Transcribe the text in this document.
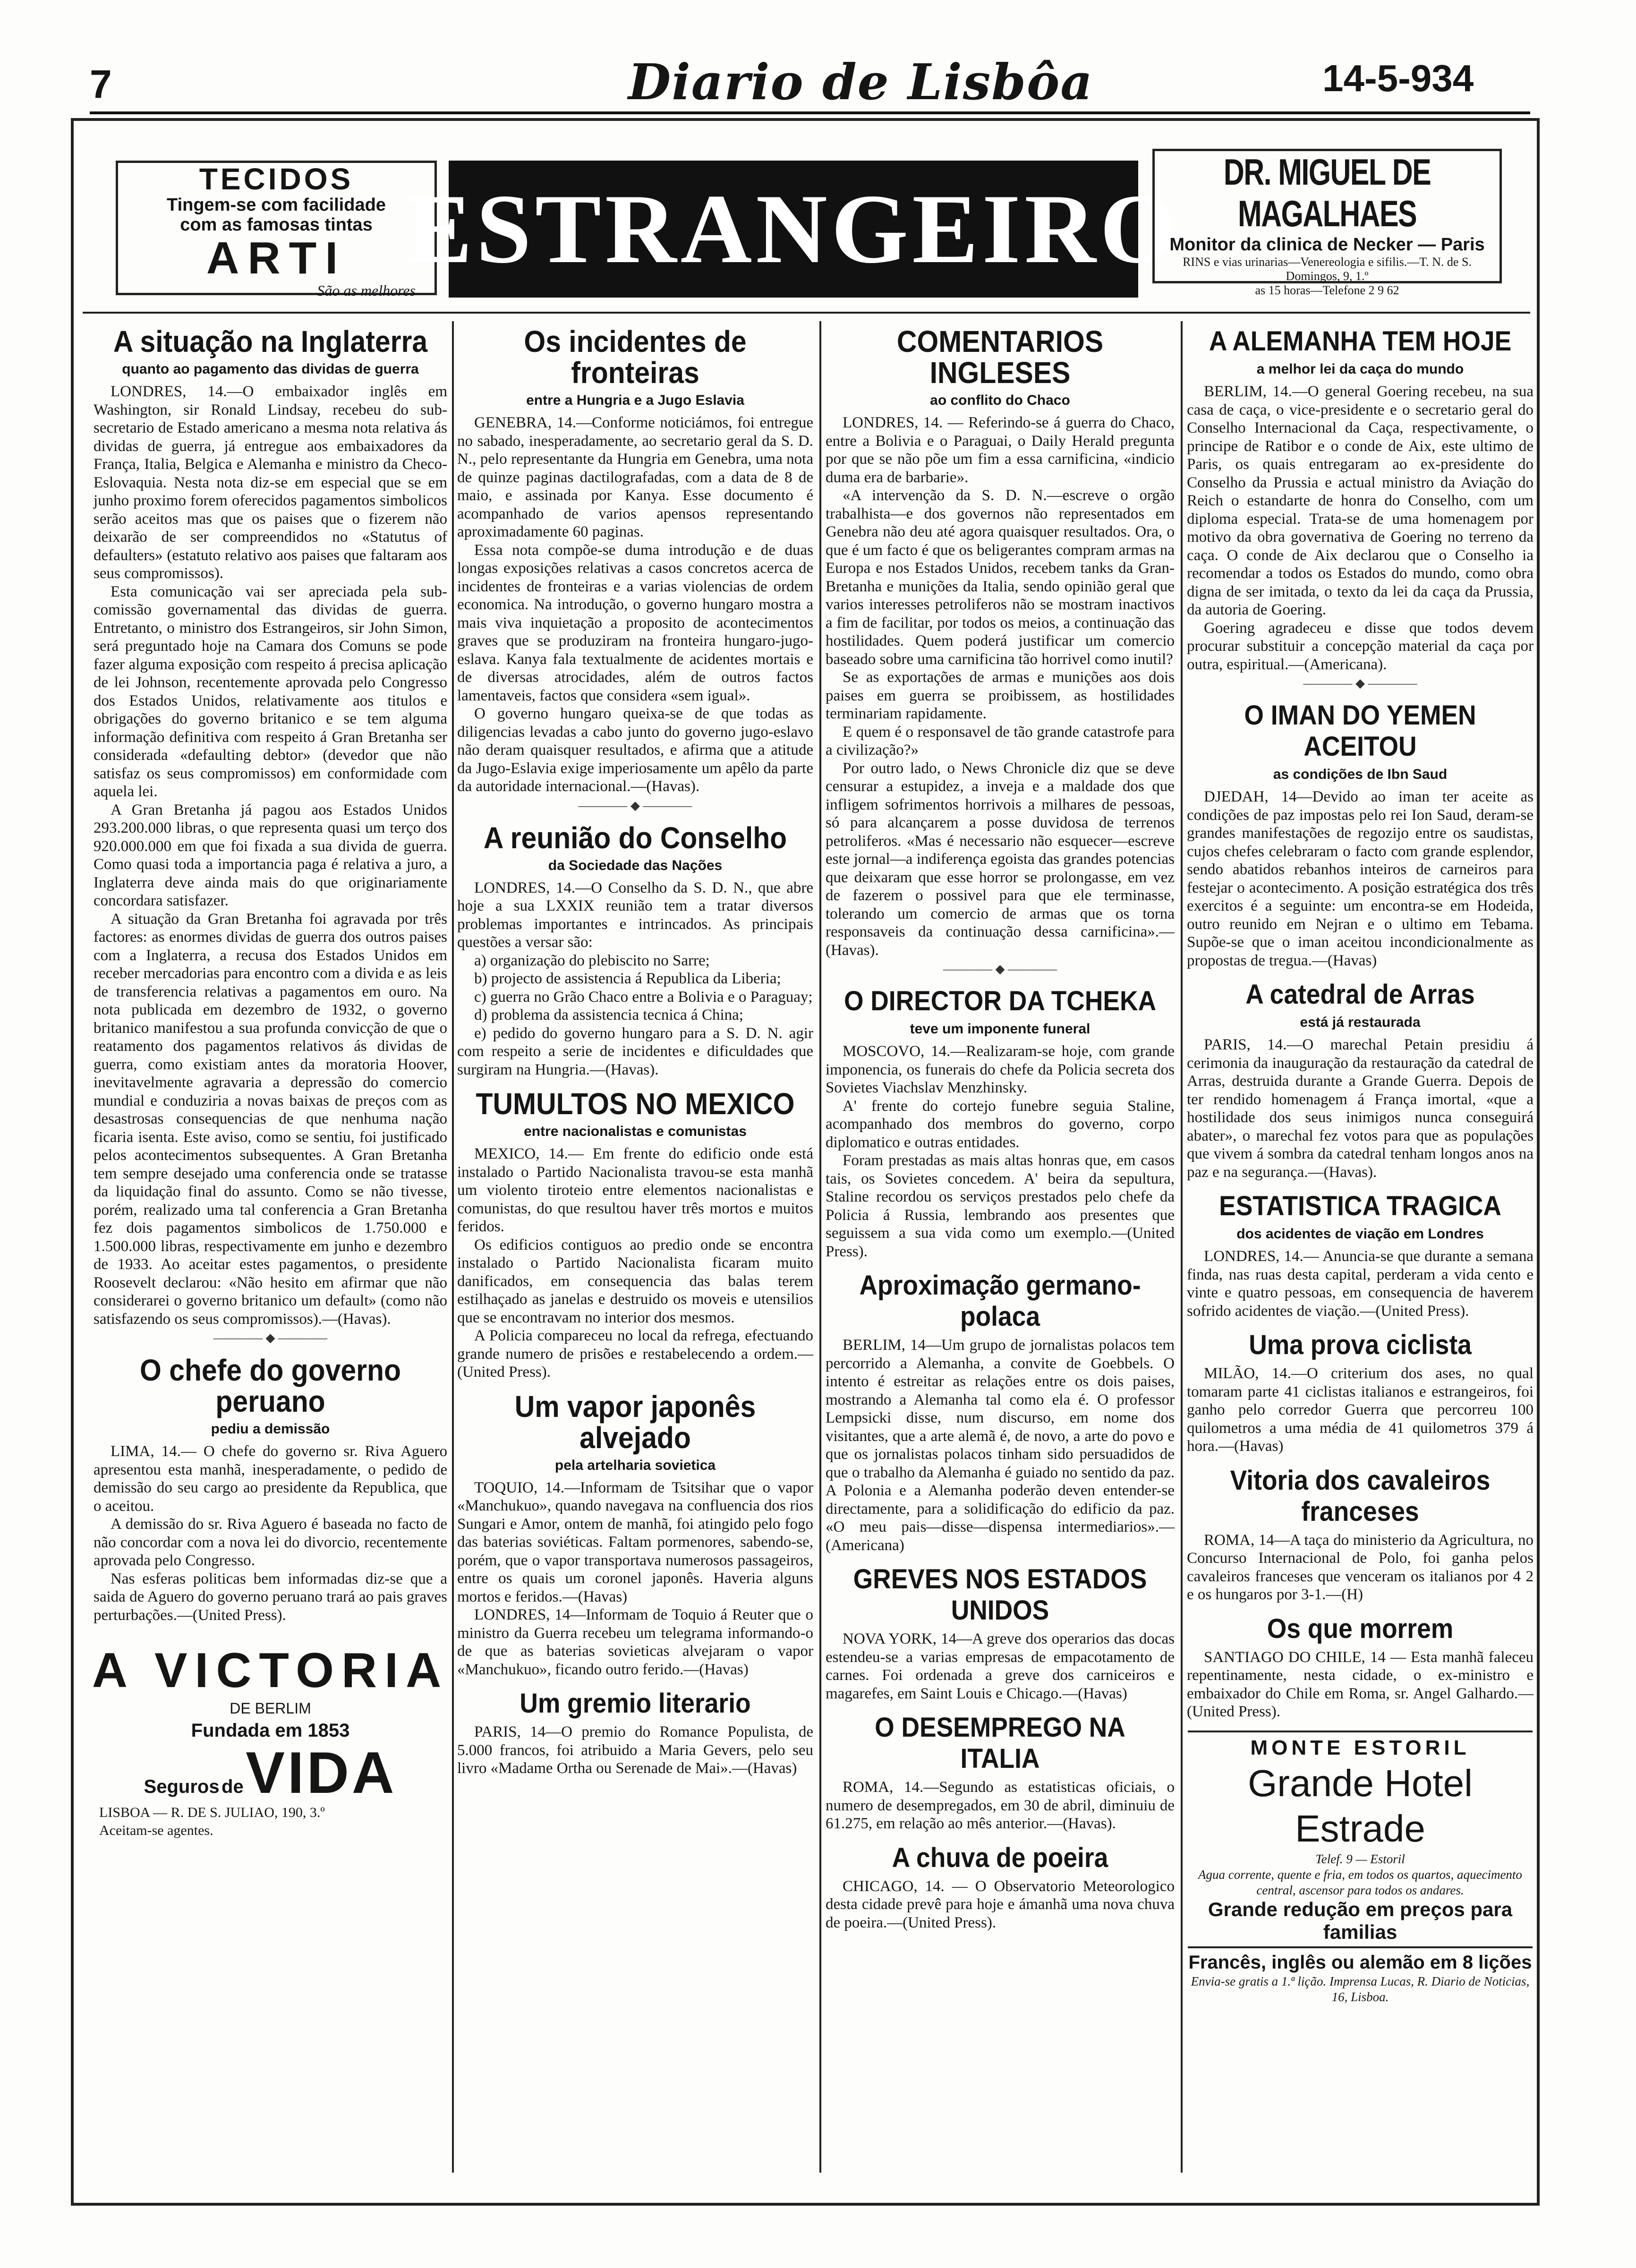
7	Diario de Lisbôa	14-5-934
TECIDOS
Tingem-se com facilidade
com as famosas tintas
ARTI
São as melhores
ESTRANGEIRO
DR. MIGUEL DE MAGALHAES
Monitor da clinica de Necker — Paris
RINS e vias urinarias—Venereologia e sifilis.—T. N. de S. Domingos, 9, 1.º
as 15 horas—Telefone 2 9 62
A situação na Inglaterra
quanto ao pagamento das dividas de guerra

LONDRES, 14.—O embaixador inglês em Washington, sir Ronald Lindsay, recebeu do sub-secretario de Estado americano a mesma nota relativa ás dividas de guerra, já entregue aos embaixadores da França, Italia, Belgica e Alemanha e ministro da Checo-Eslovaquia. Nesta nota diz-se em especial que se em junho proximo forem oferecidos pagamentos simbolicos serão aceitos mas que os paises que o fizerem não deixarão de ser compreendidos no «Statutus of defaulters» (estatuto relativo aos paises que faltaram aos seus compromissos).

Esta comunicação vai ser apreciada pela sub-comissão governamental das dividas de guerra. Entretanto, o ministro dos Estrangeiros, sir John Simon, será preguntado hoje na Camara dos Comuns se pode fazer alguma exposição com respeito á precisa aplicação de lei Johnson, recentemente aprovada pelo Congresso dos Estados Unidos, relativamente aos titulos e obrigações do governo britanico e se tem alguma informação definitiva com respeito á Gran Bretanha ser considerada «defaulting debtor» (devedor que não satisfaz os seus compromissos) em conformidade com aquela lei.

A Gran Bretanha já pagou aos Estados Unidos 293.200.000 libras, o que representa quasi um terço dos 920.000.000 em que foi fixada a sua divida de guerra. Como quasi toda a importancia paga é relativa a juro, a Inglaterra deve ainda mais do que originariamente concordara satisfazer.

A situação da Gran Bretanha foi agravada por três factores: as enormes dividas de guerra dos outros paises com a Inglaterra, a recusa dos Estados Unidos em receber mercadorias para encontro com a divida e as leis de transferencia relativas a pagamentos em ouro. Na nota publicada em dezembro de 1932, o governo britanico manifestou a sua profunda convicção de que o reatamento dos pagamentos relativos ás dividas de guerra, como existiam antes da moratoria Hoover, inevitavelmente agravaria a depressão do comercio mundial e conduziria a novas baixas de preços com as desastrosas consequencias de que nenhuma nação ficaria isenta. Este aviso, como se sentiu, foi justificado pelos acontecimentos subsequentes. A Gran Bretanha tem sempre desejado uma conferencia onde se tratasse da liquidação final do assunto. Como se não tivesse, porém, realizado uma tal conferencia a Gran Bretanha fez dois pagamentos simbolicos de 1.750.000 e 1.500.000 libras, respectivamente em junho e dezembro de 1933. Ao aceitar estes pagamentos, o presidente Roosevelt declarou: «Não hesito em afirmar que não considerarei o governo britanico um default» (como não satisfazendo os seus compromissos).—(Havas).

———— ◆ ————
O chefe do governo peruano
pediu a demissão

LIMA, 14.— O chefe do governo sr. Riva Aguero apresentou esta manhã, inesperadamente, o pedido de demissão do seu cargo ao presidente da Republica, que o aceitou.

A demissão do sr. Riva Aguero é baseada no facto de não concordar com a nova lei do divorcio, recentemente aprovada pelo Congresso.

Nas esferas politicas bem informadas diz-se que a saida de Aguero do governo peruano trará ao pais graves perturbações.—(United Press).

A VICTORIA
DE BERLIM
Fundada em 1853
Seguros de VIDA
LISBOA — R. DE S. JULIAO, 190, 3.º
Aceitam-se agentes.
Os incidentes de fronteiras
entre a Hungria e a Jugo Eslavia

GENEBRA, 14.—Conforme noticiámos, foi entregue no sabado, inesperadamente, ao secretario geral da S. D. N., pelo representante da Hungria em Genebra, uma nota de quinze paginas dactilografadas, com a data de 8 de maio, e assinada por Kanya. Esse documento é acompanhado de varios apensos representando aproximadamente 60 paginas.

Essa nota compõe-se duma introdução e de duas longas exposições relativas a casos concretos acerca de incidentes de fronteiras e a varias violencias de ordem economica. Na introdução, o governo hungaro mostra a mais viva inquietação a proposito de acontecimentos graves que se produziram na fronteira hungaro-jugo-eslava. Kanya fala textualmente de acidentes mortais e de diversas atrocidades, além de outros factos lamentaveis, factos que considera «sem igual».

O governo hungaro queixa-se de que todas as diligencias levadas a cabo junto do governo jugo-eslavo não deram quaisquer resultados, e afirma que a atitude da Jugo-Eslavia exige imperiosamente um apêlo da parte da autoridade internacional.—(Havas).

———— ◆ ————
A reunião do Conselho
da Sociedade das Nações

LONDRES, 14.—O Conselho da S. D. N., que abre hoje a sua LXXIX reunião tem a tratar diversos problemas importantes e intrincados. As principais questões a versar são:

a) organização do plebiscito no Sarre;

b) projecto de assistencia á Republica da Liberia;

c) guerra no Grão Chaco entre a Bolivia e o Paraguay;

d) problema da assistencia tecnica á China;

e) pedido do governo hungaro para a S. D. N. agir com respeito a serie de incidentes e dificuldades que surgiram na Hungria.—(Havas).

TUMULTOS NO MEXICO
entre nacionalistas e comunistas

MEXICO, 14.— Em frente do edificio onde está instalado o Partido Nacionalista travou-se esta manhã um violento tiroteio entre elementos nacionalistas e comunistas, do que resultou haver três mortos e muitos feridos.

Os edificios contiguos ao predio onde se encontra instalado o Partido Nacionalista ficaram muito danificados, em consequencia das balas terem estilhaçado as janelas e destruido os moveis e utensilios que se encontravam no interior dos mesmos.

A Policia compareceu no local da refrega, efectuando grande numero de prisões e restabelecendo a ordem.—(United Press).

Um vapor japonês alvejado
pela artelharia sovietica

TOQUIO, 14.—Informam de Tsitsihar que o vapor «Manchukuo», quando navegava na confluencia dos rios Sungari e Amor, ontem de manhã, foi atingido pelo fogo das baterias soviéticas. Faltam pormenores, sabendo-se, porém, que o vapor transportava numerosos passageiros, entre os quais um coronel japonês. Haveria alguns mortos e feridos.—(Havas)

LONDRES, 14—Informam de Toquio á Reuter que o ministro da Guerra recebeu um telegrama informando-o de que as baterias sovieticas alvejaram o vapor «Manchukuo», ficando outro ferido.—(Havas)

Um gremio literario

PARIS, 14—O premio do Romance Populista, de 5.000 francos, foi atribuido a Maria Gevers, pelo seu livro «Madame Ortha ou Serenade de Mai».—(Havas)

COMENTARIOS INGLESES
ao conflito do Chaco

LONDRES, 14. — Referindo-se á guerra do Chaco, entre a Bolivia e o Paraguai, o Daily Herald pregunta por que se não põe um fim a essa carnificina, «indicio duma era de barbarie».

«A intervenção da S. D. N.—escreve o orgão trabalhista—e dos governos não representados em Genebra não deu até agora quaisquer resultados. Ora, o que é um facto é que os beligerantes compram armas na Europa e nos Estados Unidos, recebem tanks da Gran-Bretanha e munições da Italia, sendo opinião geral que varios interesses petroliferos não se mostram inactivos a fim de facilitar, por todos os meios, a continuação das hostilidades. Quem poderá justificar um comercio baseado sobre uma carnificina tão horrivel como inutil?

Se as exportações de armas e munições aos dois paises em guerra se proibissem, as hostilidades terminariam rapidamente.

E quem é o responsavel de tão grande catastrofe para a civilização?»

Por outro lado, o News Chronicle diz que se deve censurar a estupidez, a inveja e a maldade dos que infligem sofrimentos horrivois a milhares de pessoas, só para alcançarem a posse duvidosa de terrenos petroliferos. «Mas é necessario não esquecer—escreve este jornal—a indiferença egoista das grandes potencias que deixaram que esse horror se prolongasse, em vez de fazerem o possivel para que ele terminasse, tolerando um comercio de armas que os torna responsaveis da continuação dessa carnificina».—(Havas).

———— ◆ ————
O DIRECTOR DA TCHEKA
teve um imponente funeral

MOSCOVO, 14.—Realizaram-se hoje, com grande imponencia, os funerais do chefe da Policia secreta dos Sovietes Viachslav Menzhinsky.

A' frente do cortejo funebre seguia Staline, acompanhado dos membros do governo, corpo diplomatico e outras entidades.

Foram prestadas as mais altas honras que, em casos tais, os Sovietes concedem. A' beira da sepultura, Staline recordou os serviços prestados pelo chefe da Policia á Russia, lembrando aos presentes que seguissem a sua vida como um exemplo.—(United Press).

Aproximação germano-polaca

BERLIM, 14—Um grupo de jornalistas polacos tem percorrido a Alemanha, a convite de Goebbels. O intento é estreitar as relações entre os dois paises, mostrando a Alemanha tal como ela é. O professor Lempsicki disse, num discurso, em nome dos visitantes, que a arte alemã é, de novo, a arte do povo e que os jornalistas polacos tinham sido persuadidos de que o trabalho da Alemanha é guiado no sentido da paz. A Polonia e a Alemanha poderão deven entender-se directamente, para a solidificação do edificio da paz. «O meu pais—disse—dispensa intermediarios».—(Americana)

GREVES NOS ESTADOS UNIDOS

NOVA YORK, 14—A greve dos operarios das docas estendeu-se a varias empresas de empacotamento de carnes. Foi ordenada a greve dos carniceiros e magarefes, em Saint Louis e Chicago.—(Havas)

O DESEMPREGO NA ITALIA

ROMA, 14.—Segundo as estatisticas oficiais, o numero de desempregados, em 30 de abril, diminuiu de 61.275, em relação ao mês anterior.—(Havas).

A chuva de poeira

CHICAGO, 14. — O Observatorio Meteorologico desta cidade prevê para hoje e ámanhã uma nova chuva de poeira.—(United Press).

A ALEMANHA TEM HOJE
a melhor lei da caça do mundo

BERLIM, 14.—O general Goering recebeu, na sua casa de caça, o vice-presidente e o secretario geral do Conselho Internacional da Caça, respectivamente, o principe de Ratibor e o conde de Aix, este ultimo de Paris, os quais entregaram ao ex-presidente do Conselho da Prussia e actual ministro da Aviação do Reich o estandarte de honra do Conselho, com um diploma especial. Trata-se de uma homenagem por motivo da obra governativa de Goering no terreno da caça. O conde de Aix declarou que o Conselho ia recomendar a todos os Estados do mundo, como obra digna de ser imitada, o texto da lei da caça da Prussia, da autoria de Goering.

Goering agradeceu e disse que todos devem procurar substituir a concepção material da caça por outra, espiritual.—(Americana).

———— ◆ ————
O IMAN DO YEMEN ACEITOU
as condições de Ibn Saud

DJEDAH, 14—Devido ao iman ter aceite as condições de paz impostas pelo rei Ion Saud, deram-se grandes manifestações de regozijo entre os saudistas, cujos chefes celebraram o facto com grande esplendor, sendo abatidos rebanhos inteiros de carneiros para festejar o acontecimento. A posição estratégica dos três exercitos é a seguinte: um encontra-se em Hodeida, outro reunido em Nejran e o ultimo em Tebama. Supõe-se que o iman aceitou incondicionalmente as propostas de tregua.—(Havas)

A catedral de Arras
está já restaurada

PARIS, 14.—O marechal Petain presidiu á cerimonia da inauguração da restauração da catedral de Arras, destruida durante a Grande Guerra. Depois de ter rendido homenagem á França imortal, «que a hostilidade dos seus inimigos nunca conseguirá abater», o marechal fez votos para que as populações que vivem á sombra da catedral tenham longos anos na paz e na segurança.—(Havas).

ESTATISTICA TRAGICA
dos acidentes de viação em Londres

LONDRES, 14.— Anuncia-se que durante a semana finda, nas ruas desta capital, perderam a vida cento e vinte e quatro pessoas, em consequencia de haverem sofrido acidentes de viação.—(United Press).

Uma prova ciclista

MILÃO, 14.—O criterium dos ases, no qual tomaram parte 41 ciclistas italianos e estrangeiros, foi ganho pelo corredor Guerra que percorreu 100 quilometros a uma média de 41 quilometros 379 á hora.—(Havas)

Vitoria dos cavaleiros franceses

ROMA, 14—A taça do ministerio da Agricultura, no Concurso Internacional de Polo, foi ganha pelos cavaleiros franceses que venceram os italianos por 4 2 e os hungaros por 3-1.—(H)

Os que morrem

SANTIAGO DO CHILE, 14 — Esta manhã faleceu repentinamente, nesta cidade, o ex-ministro e embaixador do Chile em Roma, sr. Angel Galhardo.—(United Press).

MONTE ESTORIL
Grande Hotel Estrade
Telef. 9 — Estoril
Agua corrente, quente e fria, em todos os quartos, aquecimento central, ascensor para todos os andares.
Grande redução em preços para familias
Francês, inglês ou alemão em 8 lições
Envia-se gratis a 1.ª lição. Imprensa Lucas, R. Diario de Noticias, 16, Lisboa.
